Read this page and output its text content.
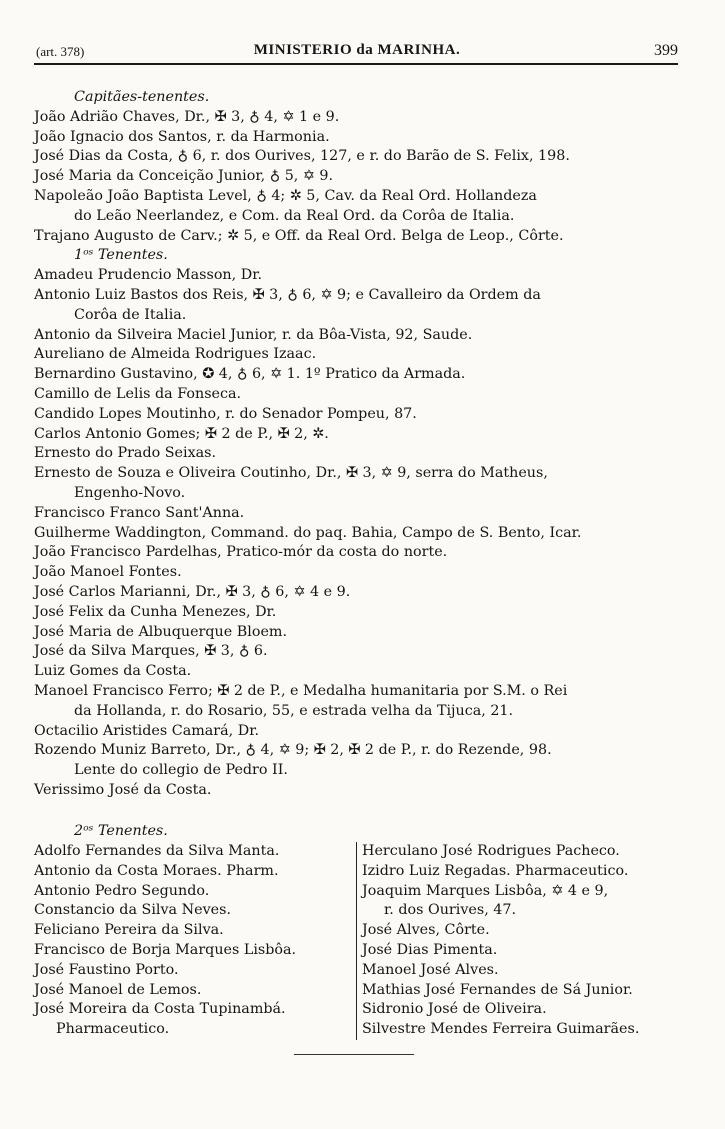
(art. 378)	MINISTERIO da MARINHA.	399
Capitães-tenentes.
João Adrião Chaves, Dr., ✠ 3, ♁ 4, ✡ 1 e 9.
João Ignacio dos Santos, r. da Harmonia.
José Dias da Costa, ♁ 6, r. dos Ourives, 127, e r. do Barão de S. Felix, 198.
José Maria da Conceição Junior, ♁ 5, ✡ 9.
Napoleão João Baptista Level, ♁ 4; ✲ 5, Cav. da Real Ord. Hollandeza
do Leão Neerlandez, e Com. da Real Ord. da Corôa de Italia.
Trajano Augusto de Carv.; ✲ 5, e Off. da Real Ord. Belga de Leop., Côrte.
1ᵒˢ Tenentes.
Amadeu Prudencio Masson, Dr.
Antonio Luiz Bastos dos Reis, ✠ 3, ♁ 6, ✡ 9; e Cavalleiro da Ordem da
Corôa de Italia.
Antonio da Silveira Maciel Junior, r. da Bôa-Vista, 92, Saude.
Aureliano de Almeida Rodrigues Izaac.
Bernardino Gustavino, ✪ 4, ♁ 6, ✡ 1. 1º Pratico da Armada.
Camillo de Lelis da Fonseca.
Candido Lopes Moutinho, r. do Senador Pompeu, 87.
Carlos Antonio Gomes; ✠ 2 de P., ✠ 2, ✲.
Ernesto do Prado Seixas.
Ernesto de Souza e Oliveira Coutinho, Dr., ✠ 3, ✡ 9, serra do Matheus,
Engenho-Novo.
Francisco Franco Sant'Anna.
Guilherme Waddington, Command. do paq. Bahia, Campo de S. Bento, Icar.
João Francisco Pardelhas, Pratico-mór da costa do norte.
João Manoel Fontes.
José Carlos Marianni, Dr., ✠ 3, ♁ 6, ✡ 4 e 9.
José Felix da Cunha Menezes, Dr.
José Maria de Albuquerque Bloem.
José da Silva Marques, ✠ 3, ♁ 6.
Luiz Gomes da Costa.
Manoel Francisco Ferro; ✠ 2 de P., e Medalha humanitaria por S.M. o Rei
da Hollanda, r. do Rosario, 55, e estrada velha da Tijuca, 21.
Octacilio Aristides Camará, Dr.
Rozendo Muniz Barreto, Dr., ♁ 4, ✡ 9; ✠ 2, ✠ 2 de P., r. do Rezende, 98.
Lente do collegio de Pedro II.
Verissimo José da Costa.
2ᵒˢ Tenentes.
Adolfo Fernandes da Silva Manta.
Antonio da Costa Moraes. Pharm.
Antonio Pedro Segundo.
Constancio da Silva Neves.
Feliciano Pereira da Silva.
Francisco de Borja Marques Lisbôa.
José Faustino Porto.
José Manoel de Lemos.
José Moreira da Costa Tupinambá.
Pharmaceutico.
Herculano José Rodrigues Pacheco.
Izidro Luiz Regadas. Pharmaceutico.
Joaquim Marques Lisbôa, ✡ 4 e 9,
r. dos Ourives, 47.
José Alves, Côrte.
José Dias Pimenta.
Manoel José Alves.
Mathias José Fernandes de Sá Junior.
Sidronio José de Oliveira.
Silvestre Mendes Ferreira Guimarães.
